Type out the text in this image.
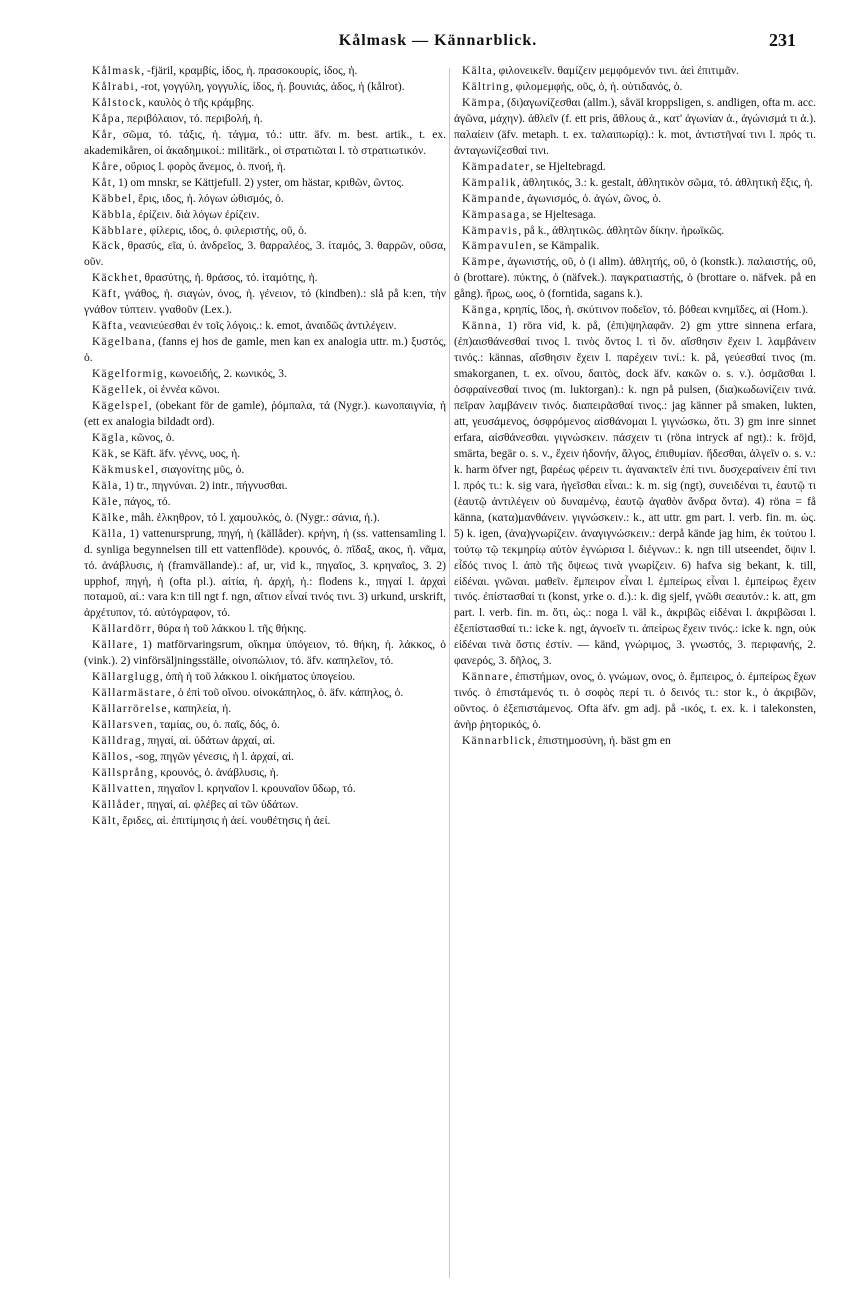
Kålmask — Kännarblick.	231

Kålmask, -fjäril, κραμβίς, ἰδος, ἡ. πρασοκουρίς, ἰδος, ἡ.

Kålrabi, -rot, γογγύλη, γογγυλίς, ἰδος, ἡ. βουνιάς, ἀδος, ἡ (kålrot).

Kålstock, καυλὸς ὁ τῆς κράμβης.

Kåpa, περιβόλαιον, τό. περιβολή, ἡ.

Kår, σῶμα, τό. τάξις, ἡ. τάγμα, τό.: uttr. äfv. m. best. artik., t. ex. akademikåren, οἱ ἀκαδημικοί.: militärk., οἱ στρατιῶται l. τὸ στρατιωτικόν.

Kåre, οὔριος l. φορὸς ἄνεμος, ὁ. πνοή, ἡ.

Kåt, 1) om mnskr, se Kättjefull. 2) yster, om hästar, κριθῶν, ῶντος.

Käbbel, ἔρις, ιδος, ἡ. λόγων ὠθισμός, ὁ.

Käbbla, ἐρίζειν. διὰ λόγων ἐρίζειν.

Käbblare, φίλερις, ιδος, ὁ. φιλεριστής, οῦ, ὁ.

Käck, θρασύς, εῖα, ύ. ἀνδρεῖος, 3. θαρραλέος, 3. ἰταμός, 3. θαρρῶν, οῦσα, οῦν.

Käckhet, θρασύτης, ἡ. θράσος, τό. ἰταμότης, ἡ.

Käft, γνάθος, ἡ. σιαγών, όνος, ἡ. γένειον, τό (kindben).: slå på k:en, τὴν γνάθον τύπτειν. γναθοῦν (Lex.).

Käfta, νεανιεύεσθαι ἐν τοῖς λόγοις.: k. emot, ἀναιδῶς ἀντιλέγειν.

Kägelbana, (fanns ej hos de gamle, men kan ex analogia uttr. m.) ξυστός, ὁ.

Kägelformig, κωνοειδής, 2. κωνικός, 3.

Kägellek, οἱ ἐννέα κῶνοι.

Kägelspel, (obekant för de gamle), ῥόμπαλα, τά (Nygr.). κωνοπαιγνία, ἡ (ett ex analogia bildadt ord).

Kägla, κῶνος, ὁ.

Käk, se Käft. äfv. γέννς, υος, ἡ.

Käkmuskel, σιαγονίτης μῦς, ὁ.

Käla, 1) tr., πηγνύναι. 2) intr., πήγνυσθαι.

Käle, πάγος, τό.

Kälke, måh. ἑλκηθρον, τό l. χαμουλκός, ὁ. (Nygr.: σάνια, ἡ.).

Källa, 1) vattenursprung, πηγή, ἡ (källåder). κρήνη, ἡ (ss. vattensamling l. d. synliga begynnelsen till ett vattenflöde). κρουνός, ὁ. πῖδαξ, ακος, ἡ. νᾶμα, τό. ἀνάβλυσις, ἡ (framvällande).: af, ur, vid k., πηγαῖος, 3. κρηναῖος, 3. 2) upphof, πηγή, ἡ (ofta pl.). αἰτία, ἡ. ἀρχή, ἡ.: flodens k., πηγαί l. ἀρχαὶ ποταμοῦ, αἱ.: vara k:n till ngt f. ngn, αἴτιον εἶναί τινός τινι. 3) urkund, urskrift, ἀρχέτυπον, τό. αὐτόγραφον, τό.

Källardörr, θύρα ἡ τοῦ λάκκου l. τῆς θήκης.

Källare, 1) matförvaringsrum, οἴκημα ὑπόγειον, τό. θήκη, ἡ. λάκκος, ὁ (vink.). 2) vinförsäljningsställe, οἰνοπώλιον, τό. äfv. καπηλεῖον, τό.

Källarglugg, ὀπὴ ἡ τοῦ λάκκου l. οἰκήματος ὑπογείου.

Källarmästare, ὁ ἐπὶ τοῦ οἴνου. οἰνοκάπηλος, ὁ. äfv. κάπηλος, ὁ.

Källarrörelse, καπηλεία, ἡ.

Källarsven, ταμίας, ου, ὁ. παῖς, δός, ὁ.

Källdrag, πηγαί, αἱ. ὑδάτων ἀρχαί, αἱ.

Källos, -sog, πηγῶν γένεσις, ἡ l. ἀρχαί, αἱ.

Källsprång, κρουνός, ὁ. ἀνάβλυσις, ἡ.

Källvatten, πηγαῖον l. κρηναῖον l. κρουναῖον ὕδωρ, τό.

Källåder, πηγαί, αἱ. φλέβες αἱ τῶν ὑδάτων.

Kält, ἔριδες, αἱ. ἐπιτίμησις ἡ ἀεί. νουθέτησις ἡ ἀεί.

Kälta, φιλονεικεῖν. θαμίζειν μεμφόμενόν τινι. ἀεὶ ἐπιτιμᾶν.

Kältring, φιλομεμφής, οῦς, ὁ, ἡ. οὐτιδανός, ὁ.

Kämpa, (δι)αγωνίζεσθαι (allm.), såväl kroppsligen, s. andligen, ofta m. acc. ἀγῶνα, μάχην). ἀθλεῖν (f. ett pris, ἄθλους ἀ., κατ' ἀγωνίαν ἀ., ἀγώνισμά τι ἀ.). παλαίειν (äfv. metaph. t. ex. ταλαιπωρίᾳ).: k. mot, ἀντιστῆναί τινι l. πρός τι. ἀνταγωνίζεσθαί τινι.

Kämpadater, se Hjeltebragd.

Kämpalik, ἀθλητικός, 3.: k. gestalt, ἀθλητικὸν σῶμα, τό. ἀθλητικὴ ἕξις, ἡ.

Kämpande, ἀγωνισμός, ὁ. ἀγών, ῶνος, ὁ.

Kämpasaga, se Hjeltesaga.

Kämpavis, på k., ἀθλητικῶς. ἀθλητῶν δίκην. ἡρωϊκῶς.

Kämpavulen, se Kämpalik.

Kämpe, ἀγωνιστής, οῦ, ὁ (i allm). ἀθλητής, οῦ, ὁ (konstk.). παλαιστής, οῦ, ὁ (brottare). πύκτης, ὁ (näfvek.). παγκρατιαστής, ὁ (brottare o. näfvek. på en gång). ἥρως, ωος, ὁ (forntida, sagans k.).

Känga, κρηπίς, ῖδος, ἡ. σκύτινον ποδεῖον, τό. βόθεαι κνημῖδες, αἱ (Hom.).

Känna, 1) röra vid, k. på, (ἐπι)ψηλαφᾶν. 2) gm yttre sinnena erfara, (ἐπ)αισθάνεσθαί τινος l. τινὸς ὄντος l. τὶ ὄν. αἴσθησιν ἔχειν l. λαμβάνειν τινός.: kännas, αἴσθησιν ἔχειν l. παρέχειν τινί.: k. på, γεύεσθαί τινος (m. smakorganen, t. ex. οἴνου, δαιτὸς, dock äfv. κακῶν o. s. v.). ὀσμᾶσθαι l. ὀσφραίνεσθαί τινος (m. luktorgan).: k. ngn på pulsen, (δια)κωδωνίζειν τινά. πεῖραν λαμβάνειν τινός. διαπειρᾶσθαί τινος.: jag känner på smaken, lukten, att, γευσάμενος, ὀσφρόμενος αἰσθάνομαι l. γιγνώσκω, ὅτι. 3) gm inre sinnet erfara, αἰσθάνεσθαι. γιγνώσκειν. πάσχειν τι (röna intryck af ngt).: k. fröjd, smärta, begär o. s. v., ἔχειν ἡδονήν, ἄλγος, ἐπιθυμίαν. ἥδεσθαι, ἀλγεῖν o. s. v.: k. harm öfver ngt, βαρέως φέρειν τι. ἀγανακτεῖν ἐπί τινι. δυσχεραίνειν ἐπί τινι l. πρός τι.: k. sig vara, ἡγεῖσθαι εἶναι.: k. m. sig (ngt), συνειδέναι τι, ἑαυτῷ τι (ἑαυτῷ ἀντιλέγειν οὐ δυναμένῳ, ἑαυτῷ ἀγαθὸν ἄνδρα ὄντα). 4) röna = få känna, (κατα)μανθάνειν. γιγνώσκειν.: k., att uttr. gm part. l. verb. fin. m. ὡς. 5) k. igen, (ἀνα)γνωρίζειν. ἀναγιγνώσκειν.: derpå kände jag him, ἐκ τούτου l. τούτῳ τῷ τεκμηρίῳ αὐτὸν ἐγνώρισα l. διέγνων.: k. ngn till utseendet, ὄψιν l. εἶδός τινος l. ἀπὸ τῆς ὄψεως τινὰ γνωρίζειν. 6) hafva sig bekant, k. till, εἰδέναι. γνῶναι. μαθεῖν. ἔμπειρον εἶναι l. ἐμπείρως εἶναι l. ἐμπείρως ἔχειν τινός. ἐπίστασθαί τι (konst, yrke o. d.).: k. dig sjelf, γνῶθι σεαυτόν.: k. att, gm part. l. verb. fin. m. ὅτι, ὡς.: noga l. väl k., ἀκριβῶς εἰδέναι l. ἀκριβῶσαι l. ἐξεπίστασθαί τι.: icke k. ngt, ἀγνοεῖν τι. ἀπείρως ἔχειν τινός.: icke k. ngn, οὐκ εἰδέναι τινὰ ὅστις ἐστίν. — känd, γνώριμος, 3. γνωστός, 3. περιφανής, 2. φανερός, 3. δῆλος, 3.

Kännare, ἐπιστήμων, ονος, ὁ. γνώμων, ονος, ὁ. ἔμπειρος, ὁ. ἐμπείρως ἔχων τινός. ὁ ἐπιστάμενός τι. ὁ σοφὸς περί τι. ὁ δεινός τι.: stor k., ὁ ἀκριβῶν, οῦντος. ὁ ἐξεπιστάμενος. Ofta äfv. gm adj. på -ικός, t. ex. k. i talekonsten, ἀνὴρ ῥητορικός, ὁ.

Kännarblick, ἐπιστημοσύνη, ἡ. bäst gm en
